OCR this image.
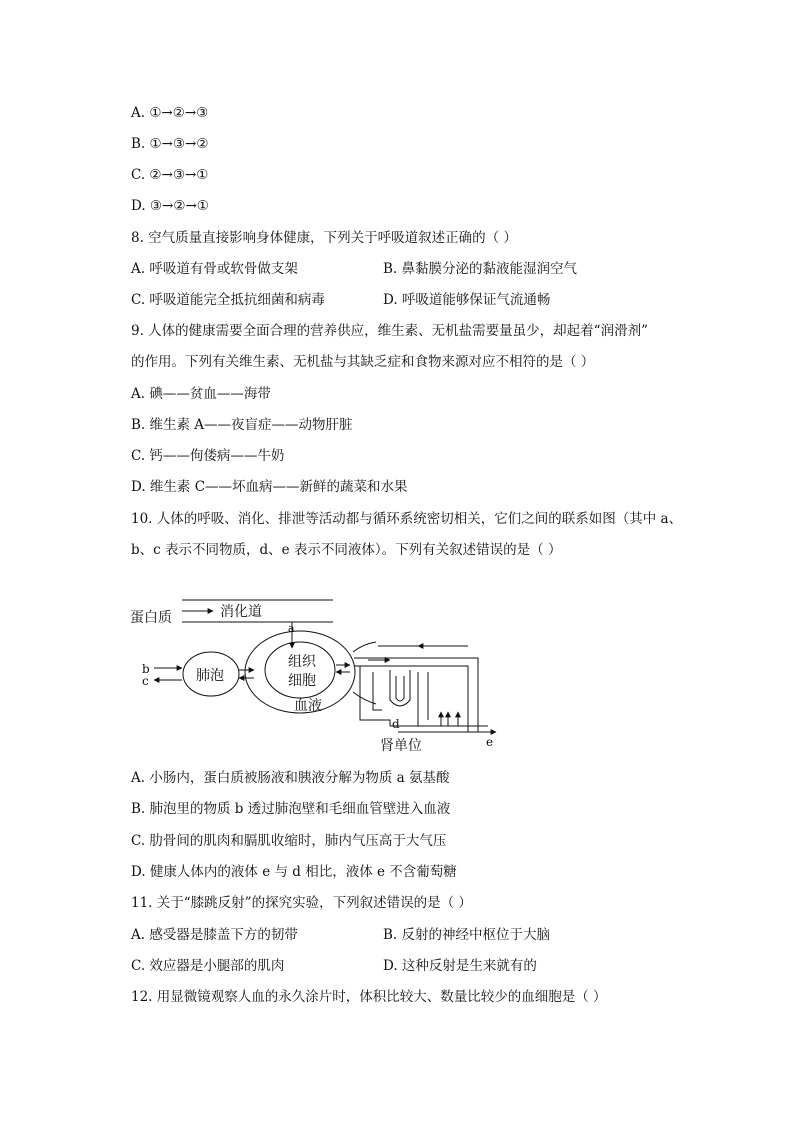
A. ①→②→③
B. ①→③→②
C. ②→③→①
D. ③→②→①
8. 空气质量直接影响身体健康，下列关于呼吸道叙述正确的（ ）
A. 呼吸道有骨或软骨做支架	B. 鼻黏膜分泌的黏液能湿润空气
C. 呼吸道能完全抵抗细菌和病毒	D. 呼吸道能够保证气流通畅
9. 人体的健康需要全面合理的营养供应，维生素、无机盐需要量虽少，却起着“润滑剂”
的作用。下列有关维生素、无机盐与其缺乏症和食物来源对应不相符的是（ ）
A. 碘——贫血——海带
B. 维生素 A——夜盲症——动物肝脏
C. 钙——佝偻病——牛奶
D. 维生素 C——坏血病——新鲜的蔬菜和水果
10. 人体的呼吸、消化、排泄等活动都与循环系统密切相关，它们之间的联系如图（其中 a、
b、c 表示不同物质，d、e 表示不同液体）。下列有关叙述错误的是（ ）
蛋白质	消化道
a
b
c	肺泡
组织
细胞
血液
d
肾单位	e
A. 小肠内，蛋白质被肠液和胰液分解为物质 a 氨基酸
B. 肺泡里的物质 b 透过肺泡壁和毛细血管壁进入血液
C. 肋骨间的肌肉和膈肌收缩时，肺内气压高于大气压
D. 健康人体内的液体 e 与 d 相比，液体 e 不含葡萄糖
11. 关于“膝跳反射”的探究实验，下列叙述错误的是（ ）
A. 感受器是膝盖下方的韧带	B. 反射的神经中枢位于大脑
C. 效应器是小腿部的肌肉	D. 这种反射是生来就有的
12. 用显微镜观察人血的永久涂片时，体积比较大、数量比较少的血细胞是（ ）
